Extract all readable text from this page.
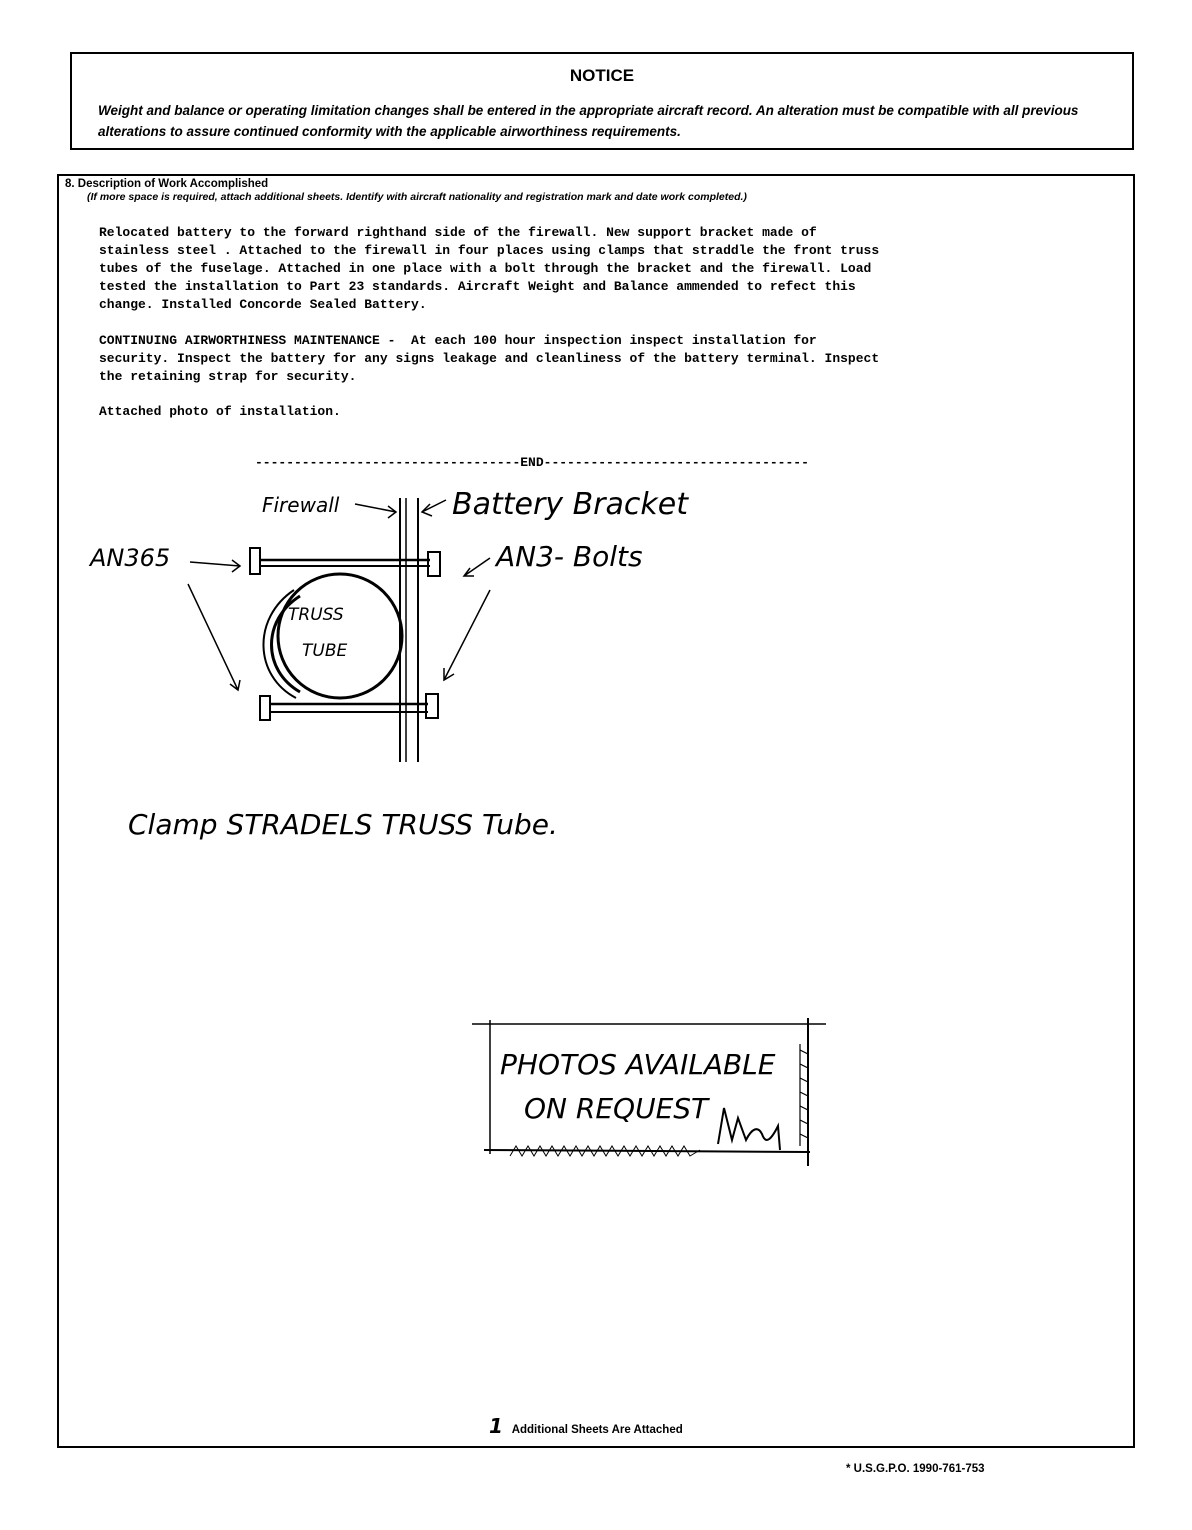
NOTICE
Weight and balance or operating limitation changes shall be entered in the appropriate aircraft record. An alteration must be compatible with all previous alterations to assure continued conformity with the applicable airworthiness requirements.
8. Description of Work Accomplished
(If more space is required, attach additional sheets. Identify with aircraft nationality and registration mark and date work completed.)
Relocated battery to the forward righthand side of the firewall. New support bracket made of
stainless steel . Attached to the firewall in four places using clamps that straddle the front truss
tubes of the fuselage. Attached in one place with a bolt through the bracket and the firewall. Load
tested the installation to Part 23 standards. Aircraft Weight and Balance ammended to refect this
change. Installed Concorde Sealed Battery.
CONTINUING AIRWORTHINESS MAINTENANCE -  At each 100 hour inspection inspect installation for
security. Inspect the battery for any signs leakage and cleanliness of the battery terminal. Inspect
the retaining strap for security.
Attached photo of installation.
----------------------------------END----------------------------------
Firewall	Battery Bracket
AN365	AN3- Bolts
TRUSS
TUBE
Clamp STRADELS TRUSS Tube.
PHOTOS AVAILABLE
ON REQUEST
1 Additional Sheets Are Attached
* U.S.G.P.O. 1990-761-753
